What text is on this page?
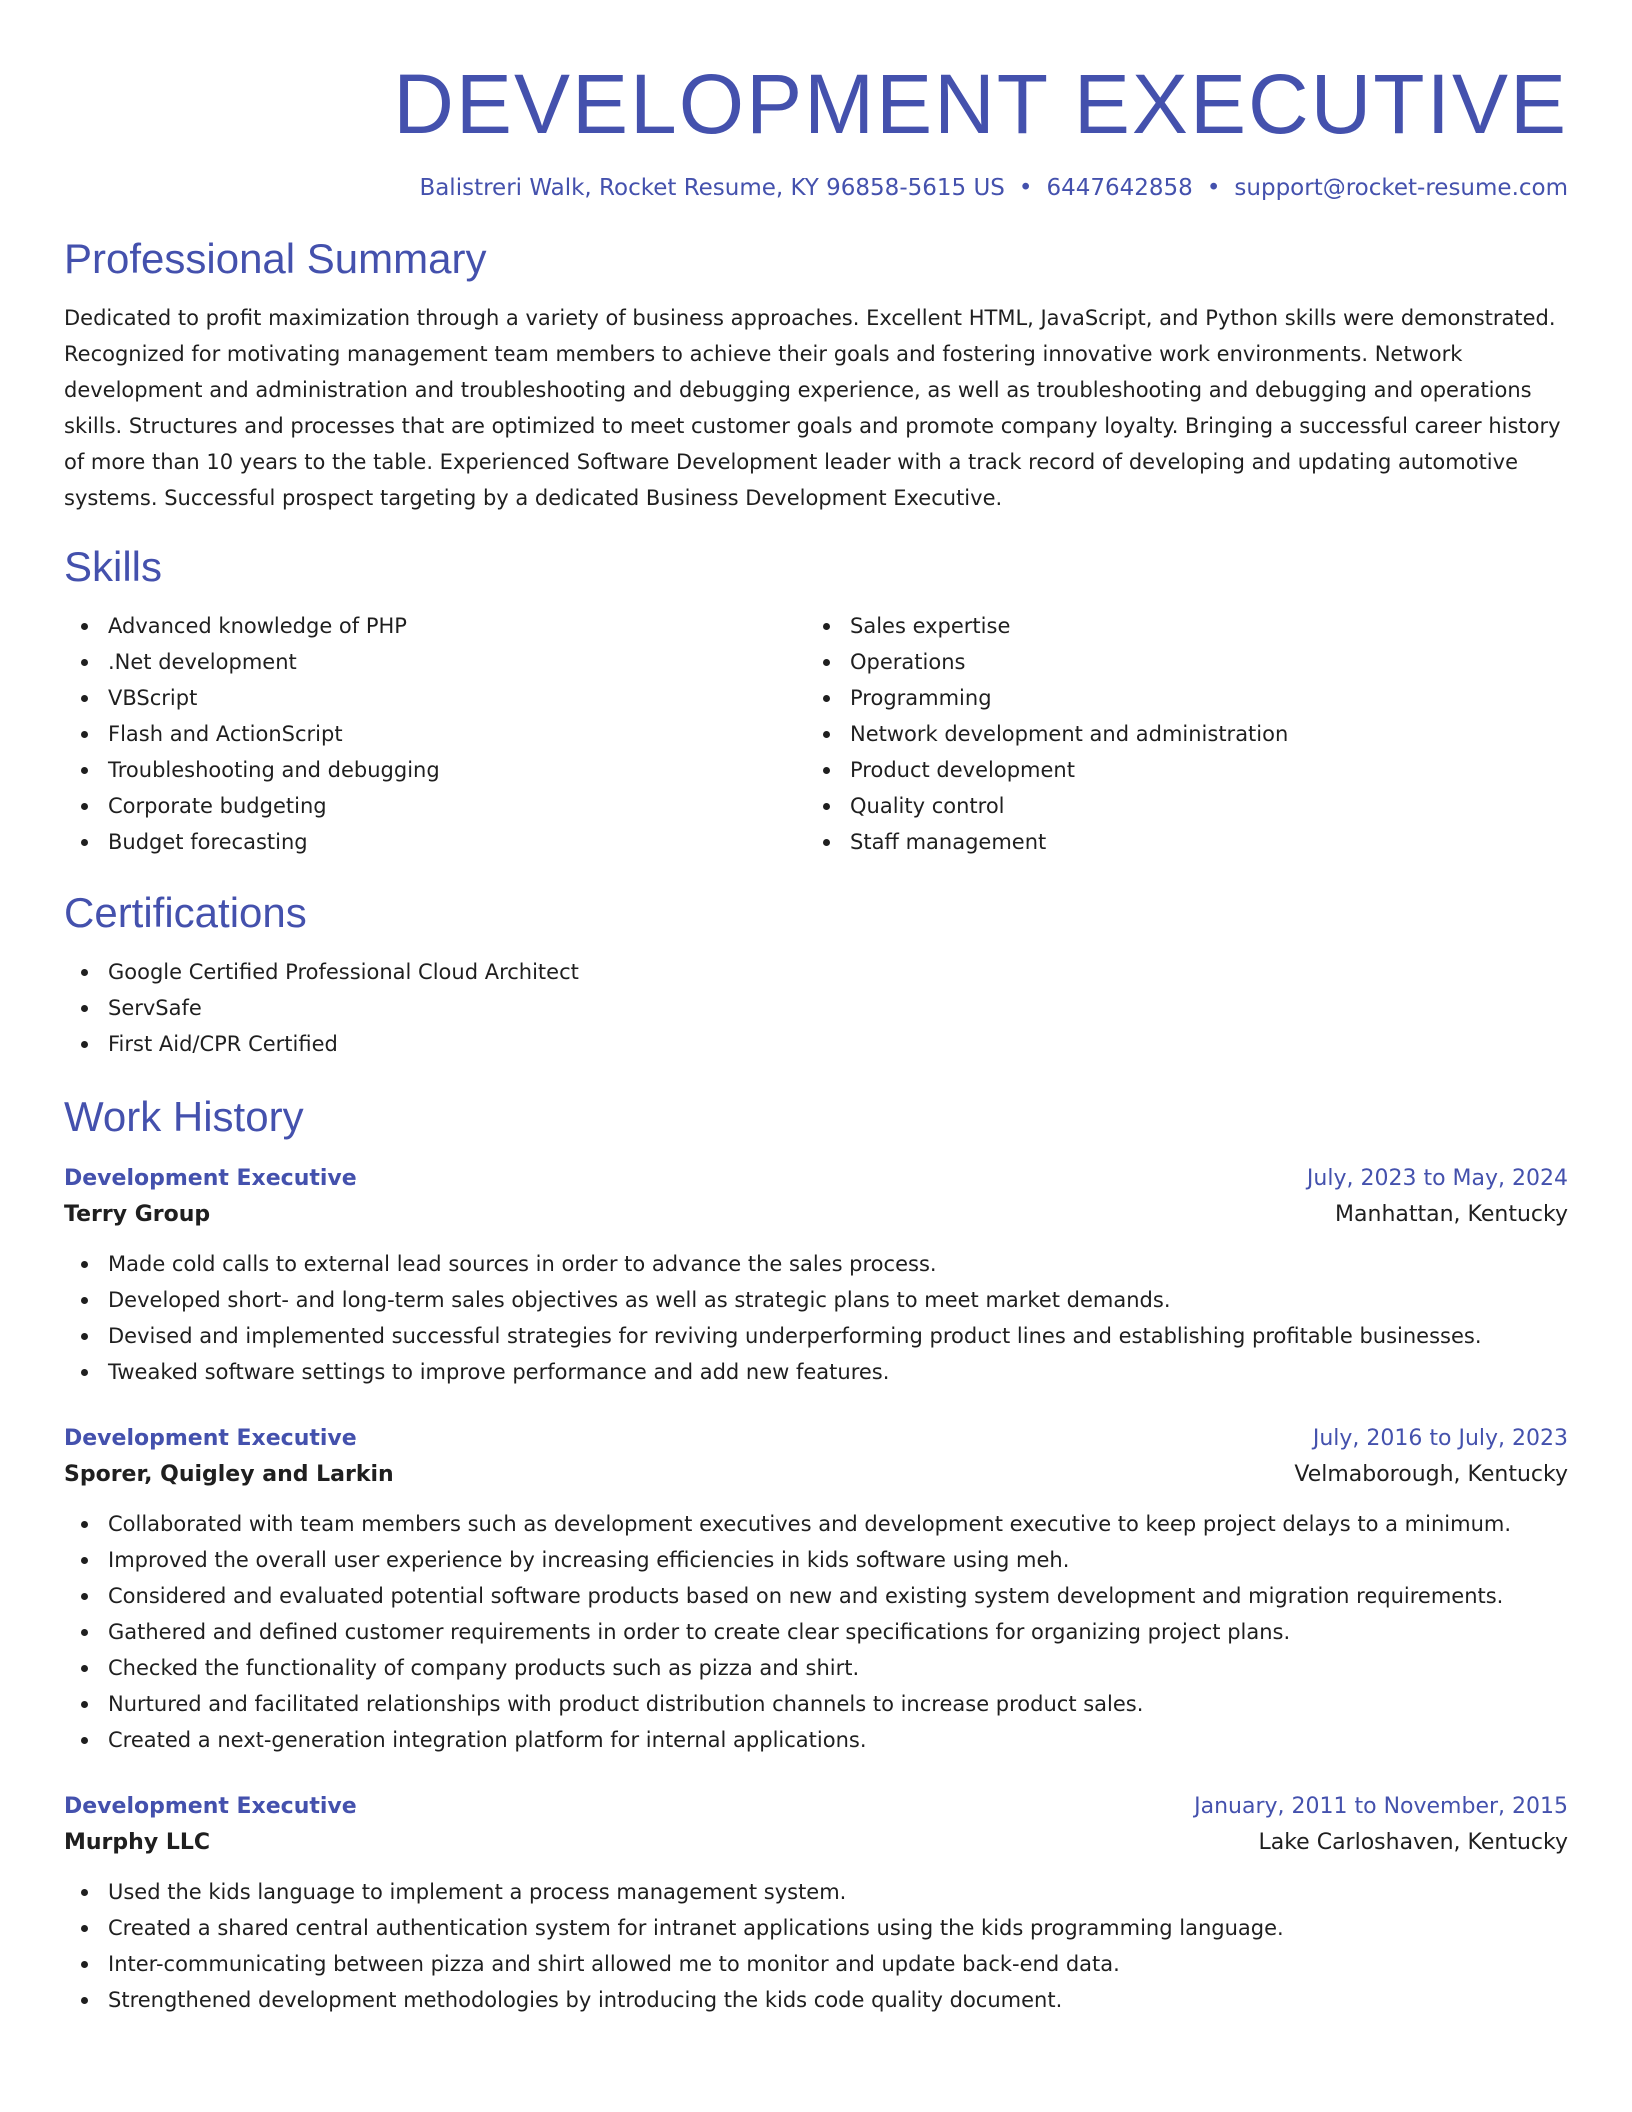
DEVELOPMENT EXECUTIVE
Balistreri Walk, Rocket Resume, KY 96858-5615 US • 6447642858 • support@rocket-resume.com
Professional Summary

Dedicated to profit maximization through a variety of business approaches. Excellent HTML, JavaScript, and Python skills were demonstrated. Recognized for motivating management team members to achieve their goals and fostering innovative work environments. Network development and administration and troubleshooting and debugging experience, as well as troubleshooting and debugging and operations skills. Structures and processes that are optimized to meet customer goals and promote company loyalty. Bringing a successful career history of more than 10 years to the table. Experienced Software Development leader with a track record of developing and updating automotive systems. Successful prospect targeting by a dedicated Business Development Executive.

Skills
Advanced knowledge of PHP
.Net development
VBScript
Flash and ActionScript
Troubleshooting and debugging
Corporate budgeting
Budget forecasting
Sales expertise
Operations
Programming
Network development and administration
Product development
Quality control
Staff management
Certifications
Google Certified Professional Cloud Architect
ServSafe
First Aid/CPR Certified
Work History
Development Executive	July, 2023 to May, 2024
Terry Group	Manhattan, Kentucky
Made cold calls to external lead sources in order to advance the sales process.
Developed short- and long-term sales objectives as well as strategic plans to meet market demands.
Devised and implemented successful strategies for reviving underperforming product lines and establishing profitable businesses.
Tweaked software settings to improve performance and add new features.
Development Executive	July, 2016 to July, 2023
Sporer, Quigley and Larkin	Velmaborough, Kentucky
Collaborated with team members such as development executives and development executive to keep project delays to a minimum.
Improved the overall user experience by increasing efficiencies in kids software using meh.
Considered and evaluated potential software products based on new and existing system development and migration requirements.
Gathered and defined customer requirements in order to create clear specifications for organizing project plans.
Checked the functionality of company products such as pizza and shirt.
Nurtured and facilitated relationships with product distribution channels to increase product sales.
Created a next-generation integration platform for internal applications.
Development Executive	January, 2011 to November, 2015
Murphy LLC	Lake Carloshaven, Kentucky
Used the kids language to implement a process management system.
Created a shared central authentication system for intranet applications using the kids programming language.
Inter-communicating between pizza and shirt allowed me to monitor and update back-end data.
Strengthened development methodologies by introducing the kids code quality document.
